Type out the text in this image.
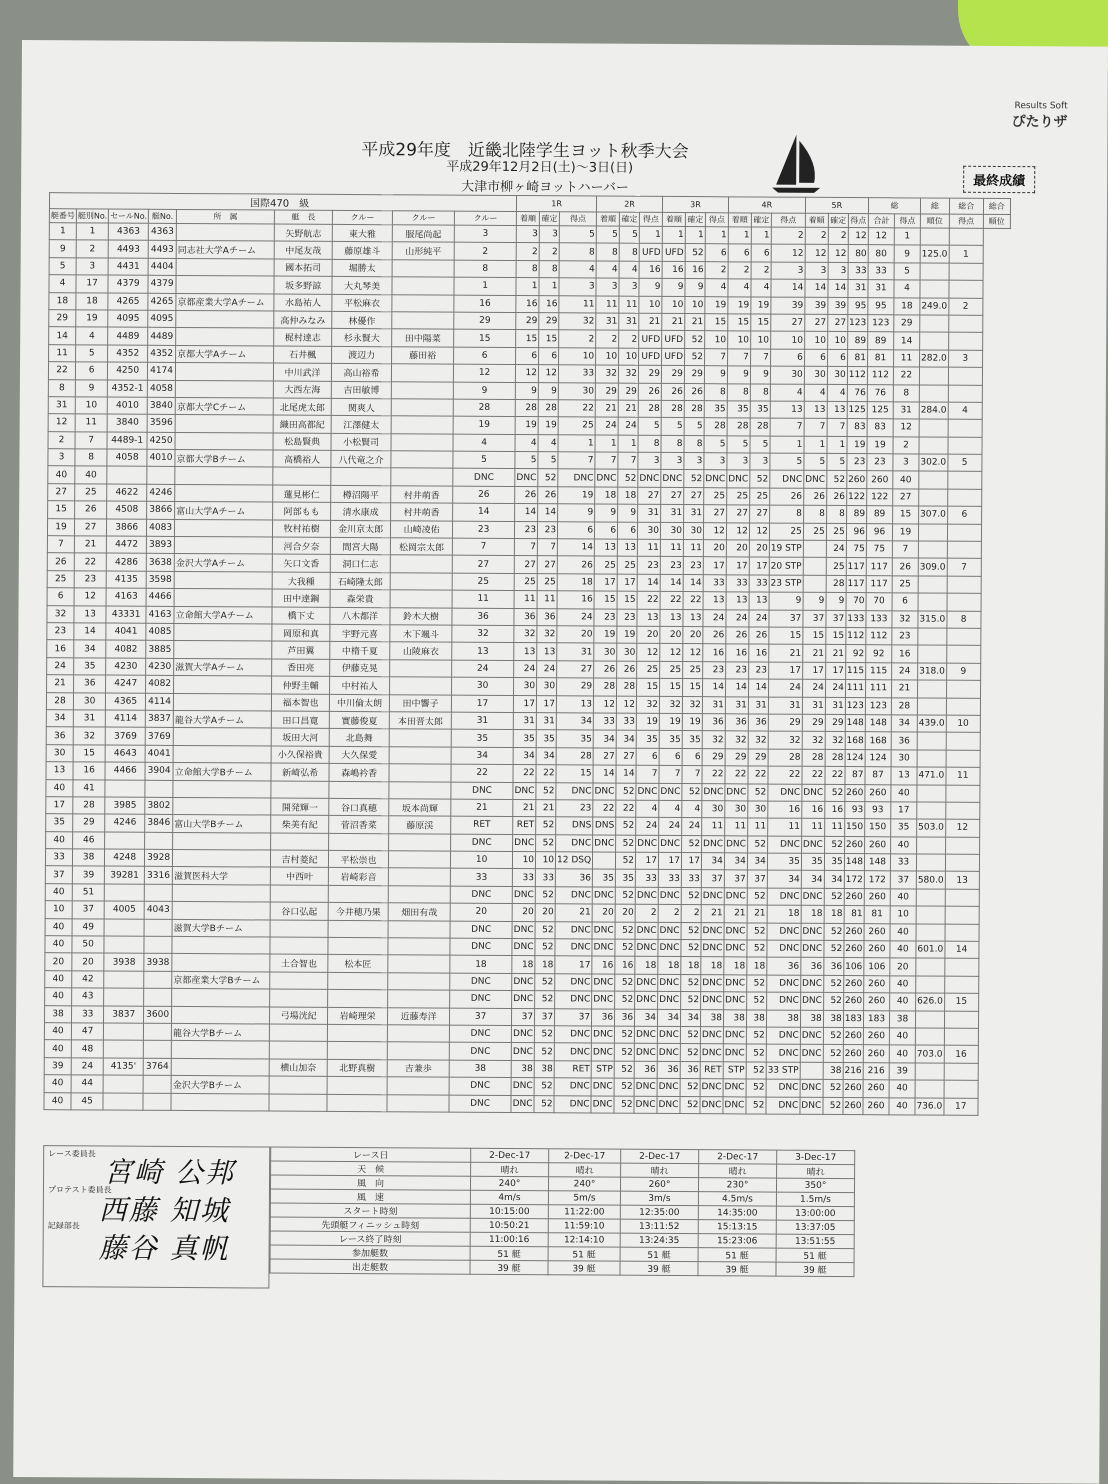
Results Soft
ぴたりザ
平成29年度　近畿北陸学生ヨット秋季大会
平成29年12月2日(土)～3日(日)
大津市柳ヶ崎ヨットハーバー	最終成績
国際470　級									1R			2R			3R			4R			5R			総		総	総合	総合
艇番号	艇別No.	セールNo.	艇No.	所　属	艇　長	クルー	クルー	クルー	着順	確定	得点	着順	確定	得点	着順	確定	得点	着順	確定	得点	着順	確定	得点	合計	得点	順位	得点	順位
1	1	4363	4363		矢野航志	東大雅	服尾尚起	3	3	3	5	5	5	1	1	1	1	1	1	2	2	2	12	12	1			
9	2	4493	4493	同志社大学Aチーム	中尾友哉	藤原雄斗	山形純平	2	2	2	8	8	8	UFD	UFD	52	6	6	6	12	12	12	80	80	9	125.0	1	
5	3	4431	4404		國本拓司	堀勝太		8	8	8	4	4	4	16	16	16	2	2	2	3	3	3	33	33	5			
4	17	4379	4379		坂多野諒	大丸琴美		1	1	1	3	3	3	9	9	9	4	4	4	14	14	14	31	31	4			
18	18	4265	4265	京都産業大学Aチーム	水島祐人	平松麻衣		16	16	16	11	11	11	10	10	10	19	19	19	39	39	39	95	95	18	249.0	2	
29	19	4095	4095		高仲みなみ	林優作		29	29	29	32	31	31	21	21	21	15	15	15	27	27	27	123	123	29			
14	4	4489	4489		梶村達志	杉永賢大	田中陽菜	15	15	15	2	2	2	UFD	UFD	52	10	10	10	10	10	10	89	89	14			
11	5	4352	4352	京都大学Aチーム	石井楓	渡辺力	藤田裕	6	6	6	10	10	10	UFD	UFD	52	7	7	7	6	6	6	81	81	11	282.0	3	
22	6	4250	4174		中川武洋	高山裕希		12	12	12	33	32	32	29	29	29	9	9	9	30	30	30	112	112	22			
8	9	4352-1	4058		大西左海	吉田敏博		9	9	9	30	29	29	26	26	26	8	8	8	4	4	4	76	76	8			
31	10	4010	3840	京都大学Cチーム	北尾虎太郎	関爽人		28	28	28	22	21	21	28	28	28	35	35	35	13	13	13	125	125	31	284.0	4	
12	11	3840	3596		織田高都紀	江澤健太		19	19	19	25	24	24	5	5	5	28	28	28	7	7	7	83	83	12			
2	7	4489-1	4250		松島賢典	小松賢司		4	4	4	1	1	1	8	8	8	5	5	5	1	1	1	19	19	2			
3	8	4058	4010	京都大学Bチーム	高橋裕人	八代竜之介		5	5	5	7	7	7	3	3	3	3	3	3	5	5	5	23	23	3	302.0	5	
40	40							DNC	DNC	52	DNC	DNC	52	DNC	DNC	52	DNC	DNC	52	DNC	DNC	52	260	260	40			
27	25	4622	4246		蓮見彬仁	樽沼陽平	村井萌香	26	26	26	19	18	18	27	27	27	25	25	25	26	26	26	122	122	27			
15	26	4508	3866	富山大学Aチーム	阿部もも	清水康成	村井萌香	14	14	14	9	9	9	31	31	31	27	27	27	8	8	8	89	89	15	307.0	6	
19	27	3866	4083		牧村祐樹	金川京太郎	山崎凌佑	23	23	23	6	6	6	30	30	30	12	12	12	25	25	25	96	96	19			
7	21	4472	3893		河合夕奈	間宮大陽	松岡宗太郎	7	7	7	14	13	13	11	11	11	20	20	20	19 STP		24	75	75	7			
26	22	4286	3638	金沢大学Aチーム	矢口文香	洞口仁志		27	27	27	26	25	25	23	23	23	17	17	17	20 STP		25	117	117	26	309.0	7	
25	23	4135	3598		大我種	石崎隆太郎		25	25	25	18	17	17	14	14	14	33	33	33	23 STP		28	117	117	25			
6	12	4163	4466		田中達鋼	森栄貴		11	11	11	16	15	15	22	22	22	13	13	13	9	9	9	70	70	6			
32	13	43331	4163	立命館大学Aチーム	橋下丈	八木都洋	鈴木大樹	36	36	36	24	23	23	13	13	13	24	24	24	37	37	37	133	133	32	315.0	8	
23	14	4041	4085		岡原和真	宇野元喜	木下颯斗	32	32	32	20	19	19	20	20	20	26	26	26	15	15	15	112	112	23			
16	34	4082	3885		芦田翼	中楕千夏	山陵麻衣	13	13	13	31	30	30	12	12	12	16	16	16	21	21	21	92	92	16			
24	35	4230	4230	滋賀大学Aチーム	香田亮	伊藤克晃		24	24	24	27	26	26	25	25	25	23	23	23	17	17	17	115	115	24	318.0	9	
21	36	4247	4082		仲野圭輔	中村祐人		30	30	30	29	28	28	15	15	15	14	14	14	24	24	24	111	111	21			
28	30	4365	4114		福本智也	中川倫太朗	田中響子	17	17	17	13	12	12	32	32	32	31	31	31	31	31	31	123	123	28			
34	31	4114	3837	龍谷大学Aチーム	田口昌寛	實藤俊夏	本田晋太郎	31	31	31	34	33	33	19	19	19	36	36	36	29	29	29	148	148	34	439.0	10	
36	32	3769	3769		坂田大河	北島舞		35	35	35	35	34	34	35	35	35	32	32	32	32	32	32	168	168	36			
30	15	4643	4041		小久保裕貴	大久保愛		34	34	34	28	27	27	6	6	6	29	29	29	28	28	28	124	124	30			
13	16	4466	3904	立命館大学Bチーム	新崎弘希	森嶋衿香		22	22	22	15	14	14	7	7	7	22	22	22	22	22	22	87	87	13	471.0	11	
40	41							DNC	DNC	52	DNC	DNC	52	DNC	DNC	52	DNC	DNC	52	DNC	DNC	52	260	260	40			
17	28	3985	3802		開発輝一	谷口真穂	坂本尚輝	21	21	21	23	22	22	4	4	4	30	30	30	16	16	16	93	93	17			
35	29	4246	3846	富山大学Bチーム	柴美有紀	菅沼香菜	藤原渓	RET	RET	52	DNS	DNS	52	24	24	24	11	11	11	11	11	11	150	150	35	503.0	12	
40	46							DNC	DNC	52	DNC	DNC	52	DNC	DNC	52	DNC	DNC	52	DNC	DNC	52	260	260	40			
33	38	4248	3928		吉村菱紀	平松崇也		10	10	10	12 DSQ		52	17	17	17	34	34	34	35	35	35	148	148	33			
37	39	39281	3316	滋賀医科大学	中西叶	岩崎彩音		33	33	33	36	35	35	33	33	33	37	37	37	34	34	34	172	172	37	580.0	13	
40	51							DNC	DNC	52	DNC	DNC	52	DNC	DNC	52	DNC	DNC	52	DNC	DNC	52	260	260	40			
10	37	4005	4043		谷口弘起	今井穂乃果	畑田有哉	20	20	20	21	20	20	2	2	2	21	21	21	18	18	18	81	81	10			
40	49			滋賀大学Bチーム				DNC	DNC	52	DNC	DNC	52	DNC	DNC	52	DNC	DNC	52	DNC	DNC	52	260	260	40			
40	50							DNC	DNC	52	DNC	DNC	52	DNC	DNC	52	DNC	DNC	52	DNC	DNC	52	260	260	40	601.0	14	
20	20	3938	3938		土合智也	松本匠		18	18	18	17	16	16	18	18	18	18	18	18	36	36	36	106	106	20			
40	42			京都産業大学Bチーム				DNC	DNC	52	DNC	DNC	52	DNC	DNC	52	DNC	DNC	52	DNC	DNC	52	260	260	40			
40	43							DNC	DNC	52	DNC	DNC	52	DNC	DNC	52	DNC	DNC	52	DNC	DNC	52	260	260	40	626.0	15	
38	33	3837	3600		弓場洸紀	岩崎理栄	近藤寿洋	37	37	37	37	36	36	34	34	34	38	38	38	38	38	38	183	183	38			
40	47			龍谷大学Bチーム				DNC	DNC	52	DNC	DNC	52	DNC	DNC	52	DNC	DNC	52	DNC	DNC	52	260	260	40			
40	48							DNC	DNC	52	DNC	DNC	52	DNC	DNC	52	DNC	DNC	52	DNC	DNC	52	260	260	40	703.0	16	
39	24	4135'	3764		横山加奈	北野真樹	吉兼歩	38	38	38	RET	STP	52	36	36	36	RET	STP	52	33 STP		38	216	216	39			
40	44			金沢大学Bチーム				DNC	DNC	52	DNC	DNC	52	DNC	DNC	52	DNC	DNC	52	DNC	DNC	52	260	260	40			
40	45							DNC	DNC	52	DNC	DNC	52	DNC	DNC	52	DNC	DNC	52	DNC	DNC	52	260	260	40	736.0	17	
レース委員長
宮崎 公邦
プロテスト委員長
西藤 知城
記録部長
藤谷 真帆
レース日	2-Dec-17	2-Dec-17	2-Dec-17	2-Dec-17	3-Dec-17
天　候	晴れ	晴れ	晴れ	晴れ	晴れ
風　向	240°	240°	260°	230°	350°
風　速	4m/s	5m/s	3m/s	4.5m/s	1.5m/s
スタート時刻	10:15:00	11:22:00	12:35:00	14:35:00	13:00:00
先頭艇フィニッシュ時刻	10:50:21	11:59:10	13:11:52	15:13:15	13:37:05
レース終了時刻	11:00:16	12:14:10	13:24:35	15:23:06	13:51:55
参加艇数	51 艇	51 艇	51 艇	51 艇	51 艇
出走艇数	39 艇	39 艇	39 艇	39 艇	39 艇
